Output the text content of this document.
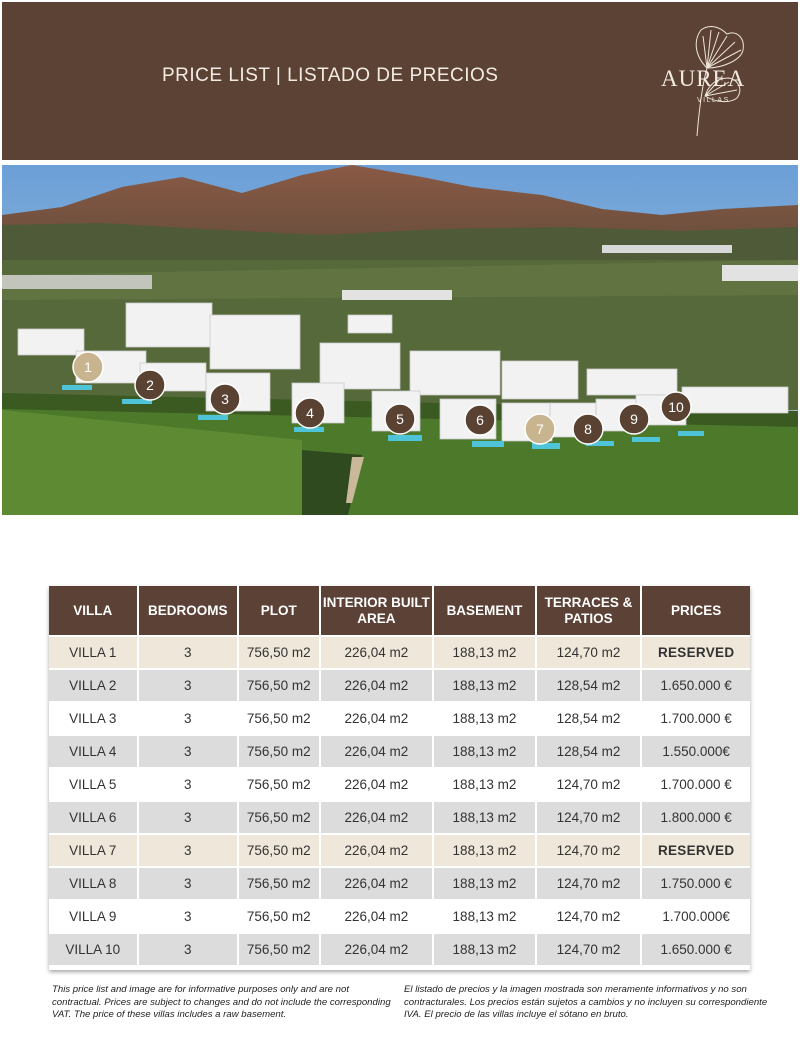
PRICE LIST | LISTADO DE PRECIOS	AUREA
VILLAS
1
2
3
4	5	6
7	8
9
10
VILLA	BEDROOMS	PLOT	INTERIOR BUILT AREA	BASEMENT	TERRACES & PATIOS	PRICES
VILLA 1	3	756,50 m2	226,04 m2	188,13 m2	124,70 m2	RESERVED
VILLA 2	3	756,50 m2	226,04 m2	188,13 m2	128,54 m2	1.650.000 €
VILLA 3	3	756,50 m2	226,04 m2	188,13 m2	128,54 m2	1.700.000 €
VILLA 4	3	756,50 m2	226,04 m2	188,13 m2	128,54 m2	1.550.000€
VILLA 5	3	756,50 m2	226,04 m2	188,13 m2	124,70 m2	1.700.000 €
VILLA 6	3	756,50 m2	226,04 m2	188,13 m2	124,70 m2	1.800.000 €
VILLA 7	3	756,50 m2	226,04 m2	188,13 m2	124,70 m2	RESERVED
VILLA 8	3	756,50 m2	226,04 m2	188,13 m2	124,70 m2	1.750.000 €
VILLA 9	3	756,50 m2	226,04 m2	188,13 m2	124,70 m2	1.700.000€
VILLA 10	3	756,50 m2	226,04 m2	188,13 m2	124,70 m2	1.650.000 €
This price list and image are for informative purposes only and are not contractual. Prices are subject to changes and do not include the corresponding VAT. The price of these villas includes a raw basement.
El listado de precios y la imagen mostrada son meramente informativos y no son contracturales. Los precios están sujetos a cambios y no incluyen su correspondiente IVA. El precio de las villas incluye el sótano en bruto.
